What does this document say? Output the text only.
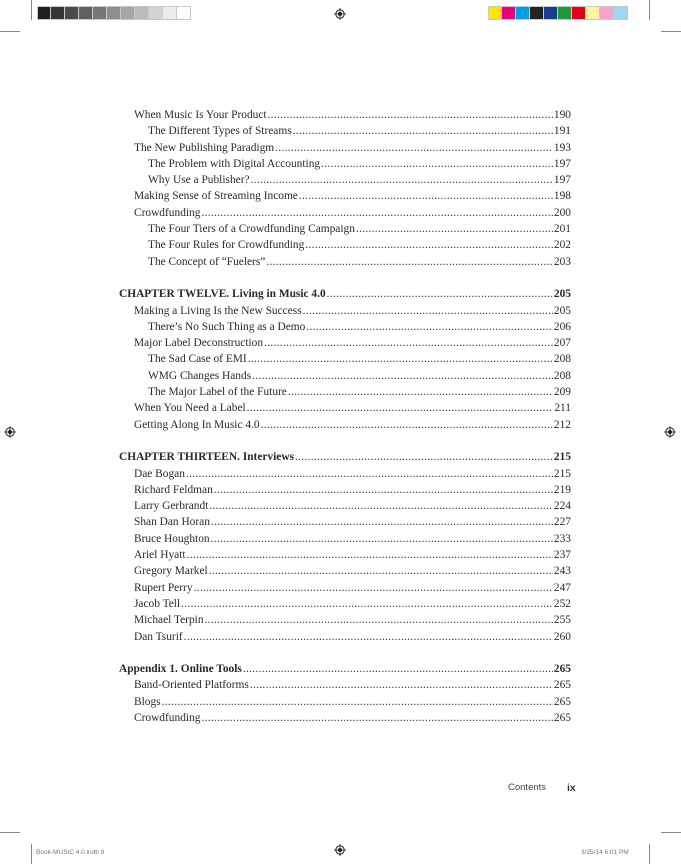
When Music Is Your Product .....	190
The Different Types of Streams .....	191
The New Publishing Paradigm .....	193
The Problem with Digital Accounting .....	197
Why Use a Publisher? .....	197
Making Sense of Streaming Income .....	198
Crowdfunding .....	200
The Four Tiers of a Crowdfunding Campaign .....	201
The Four Rules for Crowdfunding .....	202
The Concept of “Fuelers” .....	203
CHAPTER TWELVE. Living in Music 4.0 .....	205
Making a Living Is the New Success .....	205
There’s No Such Thing as a Demo .....	206
Major Label Deconstruction .....	207
The Sad Case of EMI .....	208
WMG Changes Hands .....	208
The Major Label of the Future .....	209
When You Need a Label .....	211
Getting Along In Music 4.0 .....	212
CHAPTER THIRTEEN. Interviews .....	215
Dae Bogan .....	215
Richard Feldman .....	219
Larry Gerbrandt .....	224
Shan Dan Horan .....	227
Bruce Houghton .....	233
Ariel Hyatt .....	237
Gregory Markel .....	243
Rupert Perry .....	247
Jacob Tell .....	252
Michael Terpin .....	255
Dan Tsurif .....	260
Appendix 1. Online Tools .....	265
Band-Oriented Platforms .....	265
Blogs .....	265
Crowdfunding .....	265
Contents ix
Book-MUSIC 4.0.indb 9	3/25/14 6:01 PM
